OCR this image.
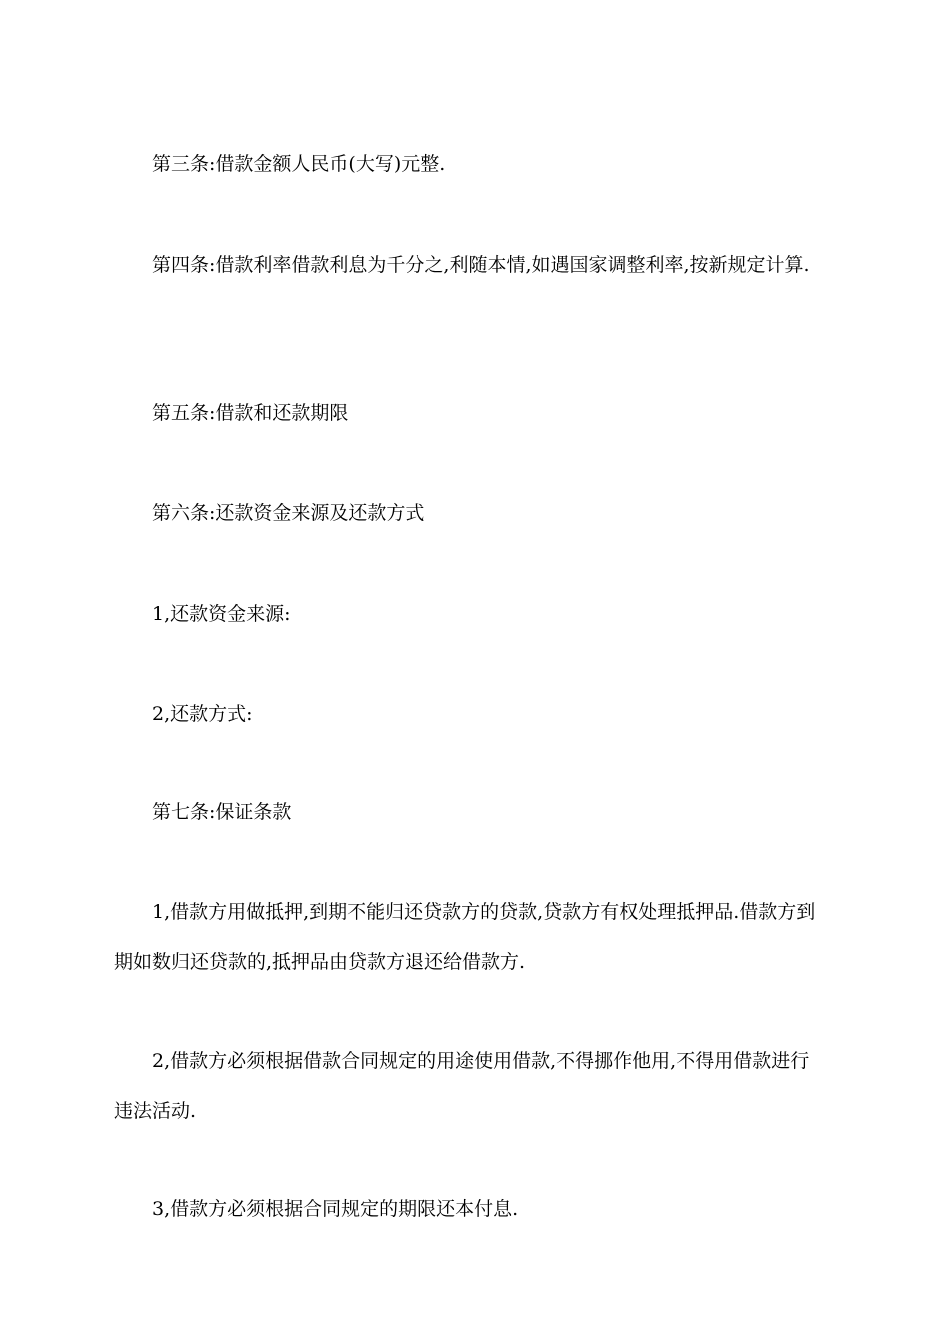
第三条:借款金额人民币(大写)元整.
第四条:借款利率借款利息为千分之,利随本情,如遇国家调整利率,按新规定计算.
第五条:借款和还款期限
第六条:还款资金来源及还款方式
1,还款资金来源:
2,还款方式:
第七条:保证条款
1,借款方用做抵押,到期不能归还贷款方的贷款,贷款方有权处理抵押品.借款方到
期如数归还贷款的,抵押品由贷款方退还给借款方.
2,借款方必须根据借款合同规定的用途使用借款,不得挪作他用,不得用借款进行
违法活动.
3,借款方必须根据合同规定的期限还本付息.
